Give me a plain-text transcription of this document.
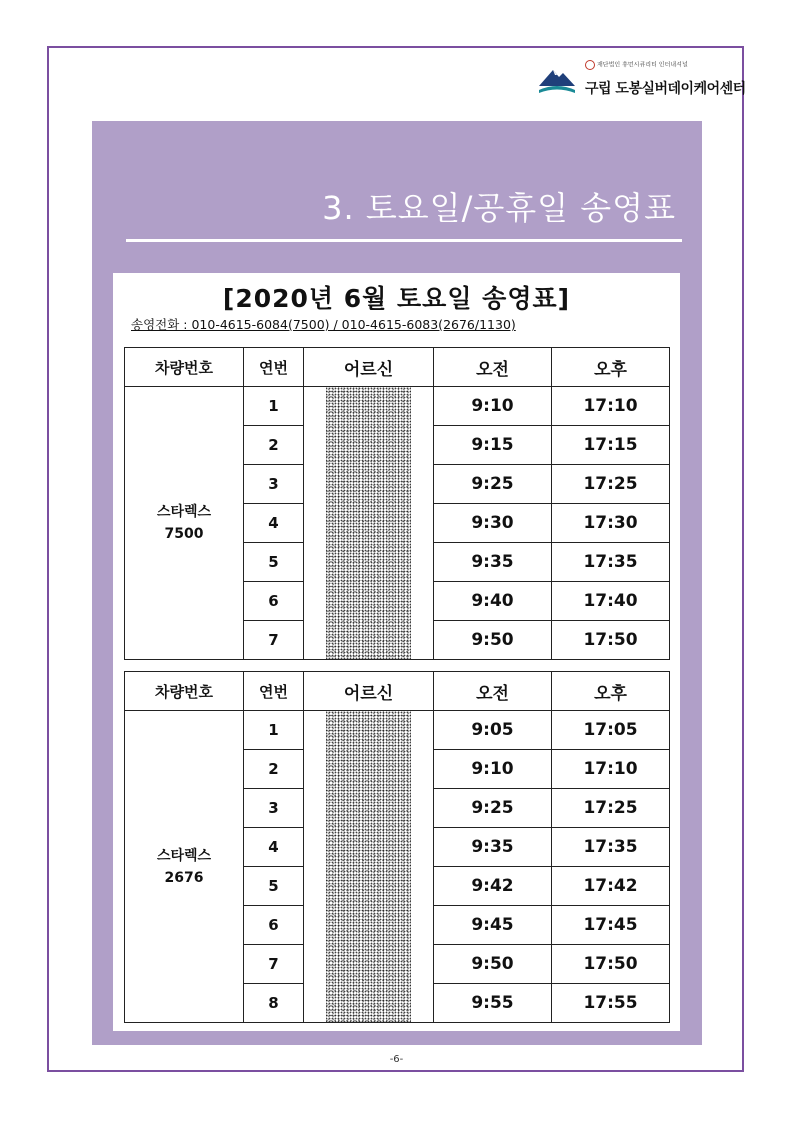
재단법인 휴먼시큐리티 인터내셔널
구립 도봉실버데이케어센터
3. 토요일/공휴일 송영표
[2020년 6월 토요일 송영표]
송영전화 : 010-4615-6084(7500) / 010-4615-6083(2676/1130)
차량번호	연번	어르신	오전	오후
스타렉스
7500	1		9:10	17:10
	2		9:15	17:15
	3		9:25	17:25
	4		9:30	17:30
	5		9:35	17:35
	6		9:40	17:40
	7		9:50	17:50
차량번호	연번	어르신	오전	오후
스타렉스
2676	1		9:05	17:05
	2		9:10	17:10
	3		9:25	17:25
	4		9:35	17:35
	5		9:42	17:42
	6		9:45	17:45
	7		9:50	17:50
	8		9:55	17:55
-6-
